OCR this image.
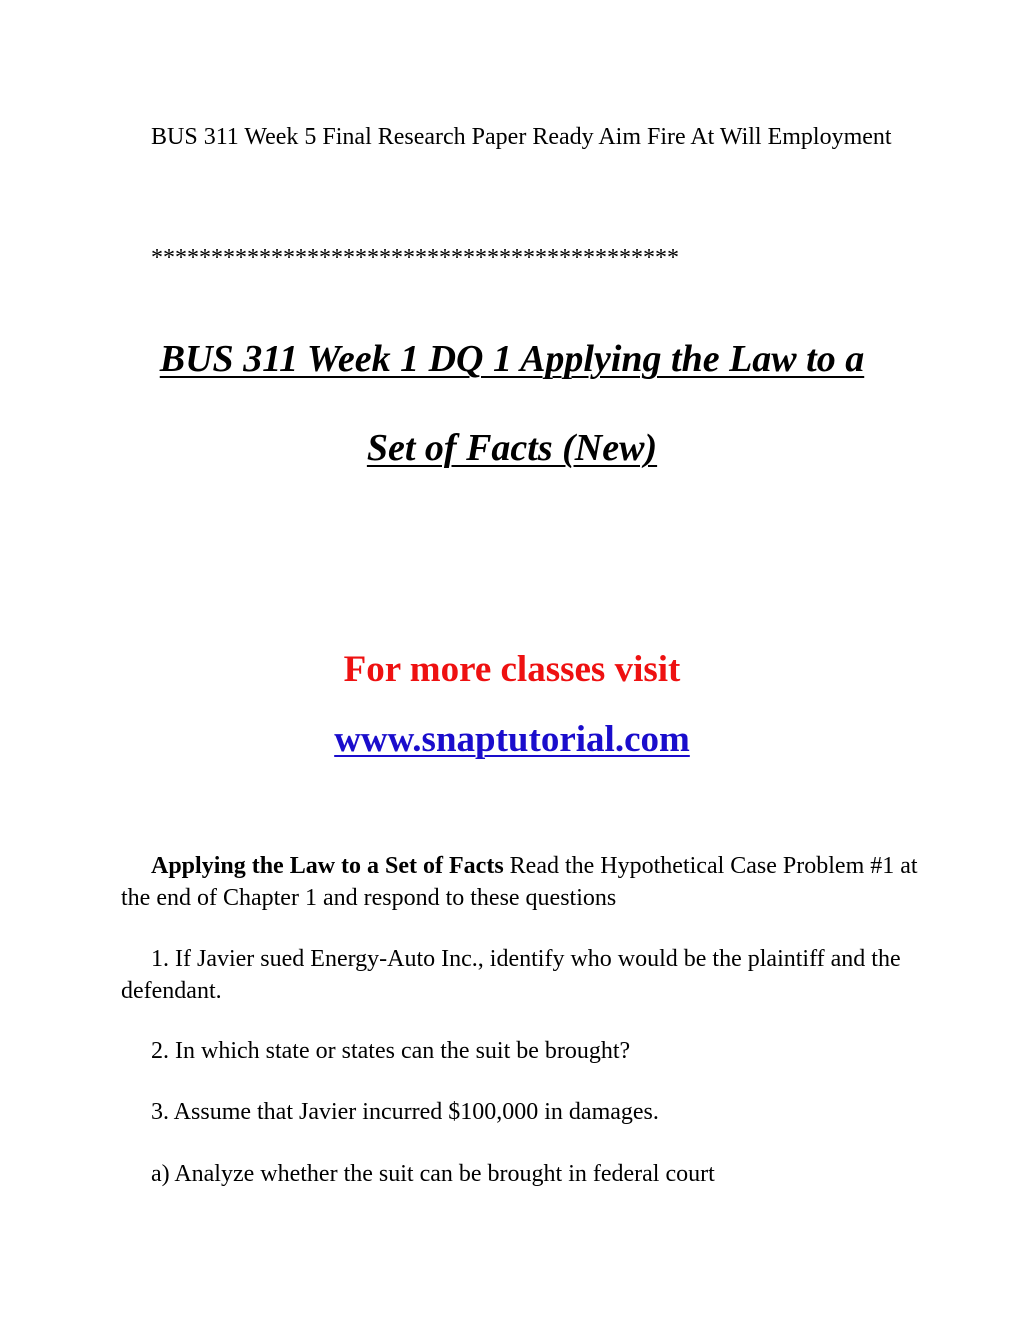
BUS 311 Week 5 Final Research Paper Ready Aim Fire At Will Employment

********************************************

BUS 311 Week 1 DQ 1 Applying the Law to a

Set of Facts (New)

For more classes visit

www.snaptutorial.com

Applying the Law to a Set of Facts Read the Hypothetical Case Problem #1 at the end of Chapter 1 and respond to these questions

1. If Javier sued Energy-Auto Inc., identify who would be the plaintiff and the defendant.

2. In which state or states can the suit be brought?

3. Assume that Javier incurred $100,000 in damages.

a) Analyze whether the suit can be brought in federal court
